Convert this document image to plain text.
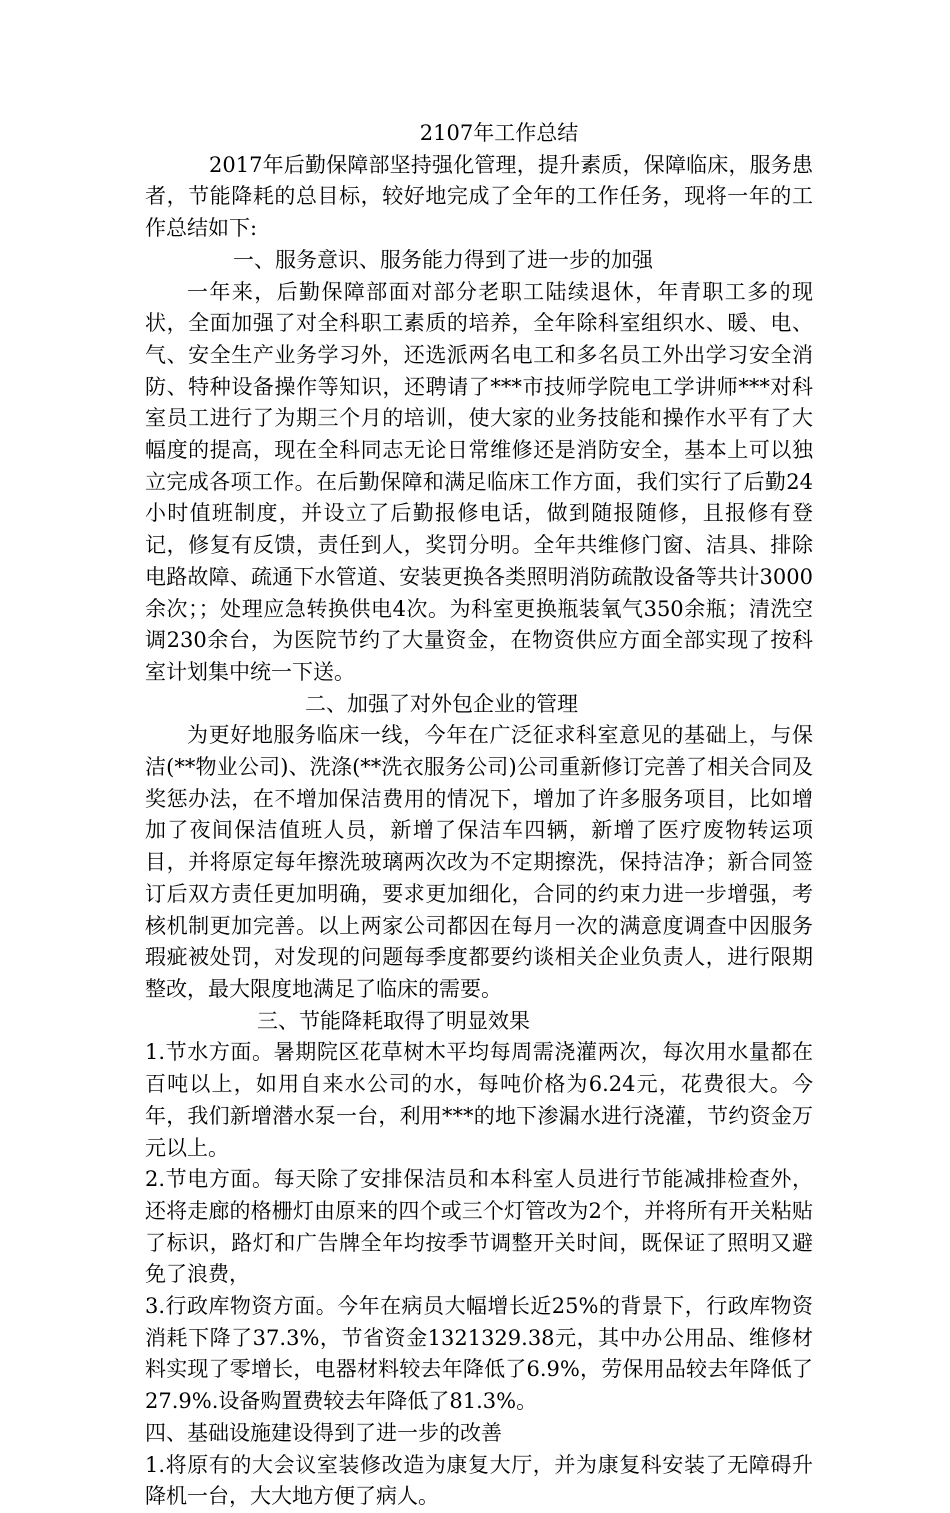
2107年工作总结

2017年后勤保障部坚持强化管理，提升素质，保障临床，服务患者，节能降耗的总目标，较好地完成了全年的工作任务，现将一年的工作总结如下:

一、服务意识、服务能力得到了进一步的加强

一年来，后勤保障部面对部分老职工陆续退休，年青职工多的现状，全面加强了对全科职工素质的培养，全年除科室组织水、暖、电、气、安全生产业务学习外，还选派两名电工和多名员工外出学习安全消防、特种设备操作等知识，还聘请了***市技师学院电工学讲师***对科室员工进行了为期三个月的培训，使大家的业务技能和操作水平有了大幅度的提高，现在全科同志无论日常维修还是消防安全，基本上可以独立完成各项工作。在后勤保障和满足临床工作方面，我们实行了后勤24 小时值班制度，并设立了后勤报修电话，做到随报随修，且报修有登记，修复有反馈，责任到人，奖罚分明。全年共维修门窗、洁具、排除电路故障、疏通下水管道、安装更换各类照明消防疏散设备等共计3000余次；；处理应急转换供电4次。为科室更换瓶装氧气350余瓶；清洗空调230余台，为医院节约了大量资金，在物资供应方面全部实现了按科室计划集中统一下送。

二、加强了对外包企业的管理

为更好地服务临床一线，今年在广泛征求科室意见的基础上，与保洁(**物业公司)、洗涤(**洗衣服务公司)公司重新修订完善了相关合同及奖惩办法，在不增加保洁费用的情况下，增加了许多服务项目，比如增加了夜间保洁值班人员，新增了保洁车四辆，新增了医疗废物转运项目，并将原定每年擦洗玻璃两次改为不定期擦洗，保持洁净；新合同签订后双方责任更加明确，要求更加细化，合同的约束力进一步增强，考核机制更加完善。以上两家公司都因在每月一次的满意度调查中因服务瑕疵被处罚，对发现的问题每季度都要约谈相关企业负责人，进行限期整改，最大限度地满足了临床的需要。

三、节能降耗取得了明显效果

1.节水方面。暑期院区花草树木平均每周需浇灌两次，每次用水量都在百吨以上，如用自来水公司的水，每吨价格为6.24元，花费很大。今年，我们新增潜水泵一台，利用***的地下渗漏水进行浇灌，节约资金万元以上。

2.节电方面。每天除了安排保洁员和本科室人员进行节能减排检查外，还将走廊的格栅灯由原来的四个或三个灯管改为2个，并将所有开关粘贴了标识，路灯和广告牌全年均按季节调整开关时间，既保证了照明又避免了浪费，

3.行政库物资方面。今年在病员大幅增长近25%的背景下，行政库物资消耗下降了37.3%，节省资金1321329.38元，其中办公用品、维修材料实现了零增长，电器材料较去年降低了6.9%，劳保用品较去年降低了27.9%.设备购置费较去年降低了81.3%。

四、基础设施建设得到了进一步的改善

1.将原有的大会议室装修改造为康复大厅，并为康复科安装了无障碍升降机一台，大大地方便了病人。
